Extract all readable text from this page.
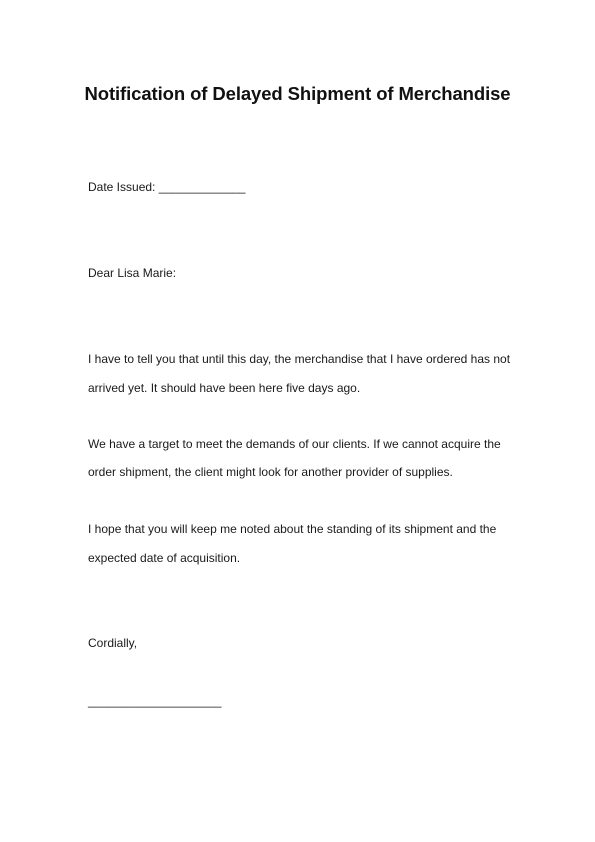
Notification of Delayed Shipment of Merchandise
Date Issued: _____________
Dear Lisa Marie:
I have to tell you that until this day, the merchandise that I have ordered has not
arrived yet. It should have been here five days ago.
We have a target to meet the demands of our clients. If we cannot acquire the
order shipment, the client might look for another provider of supplies.
I hope that you will keep me noted about the standing of its shipment and the
expected date of acquisition.
Cordially,
____________________
